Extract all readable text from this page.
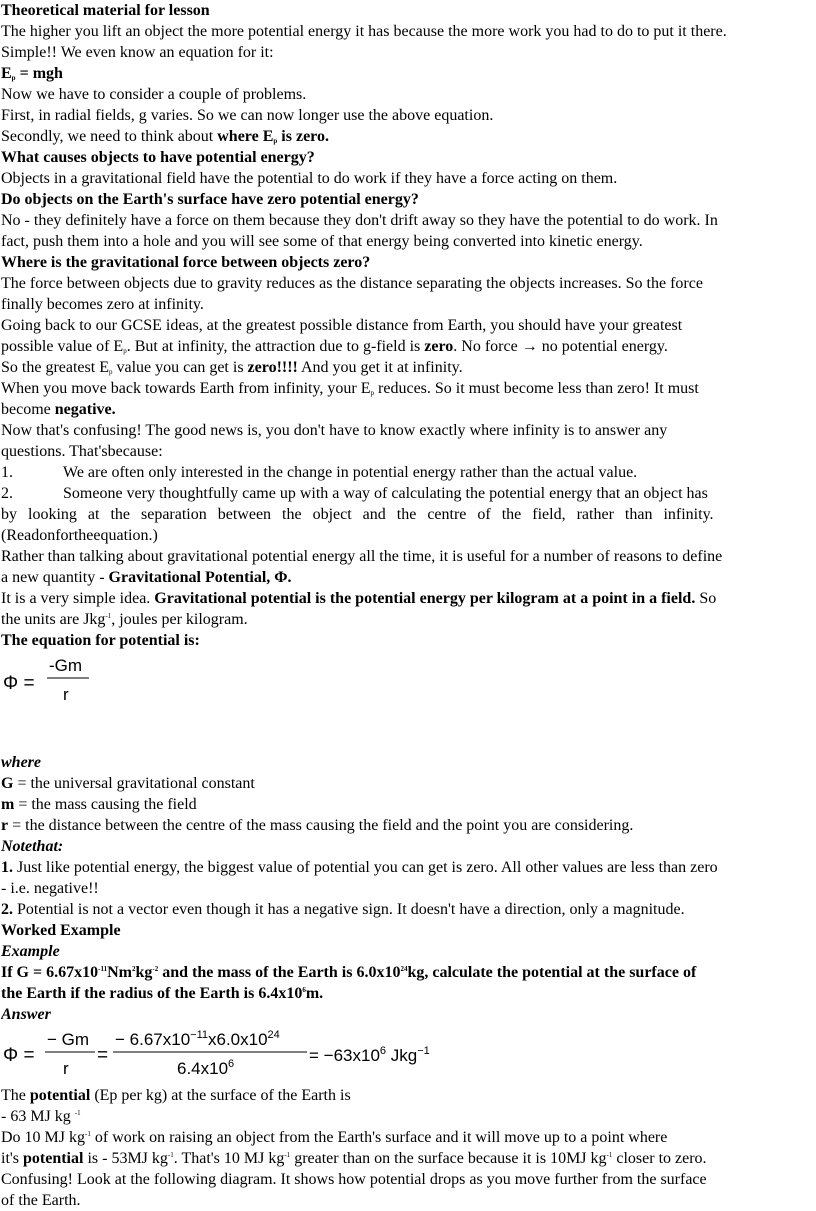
Theoretical material for lesson
The higher you lift an object the more potential energy it has because the more work you had to do to put it there.
Simple!! We even know an equation for it:
$E_p$ = mgh
Now we have to consider a couple of problems.
First, in radial fields, g varies. So we can now longer use the above equation.
Secondly, we need to think about where $E_p$ is zero.
What causes objects to have potential energy?
Objects in a gravitational field have the potential to do work if they have a force acting on them.
Do objects on the Earth's surface have zero potential energy?
No - they definitely have a force on them because they don't drift away so they have the potential to do work. In
fact, push them into a hole and you will see some of that energy being converted into kinetic energy.
Where is the gravitational force between objects zero?
The force between objects due to gravity reduces as the distance separating the objects increases. So the force
finally becomes zero at infinity.
Going back to our GCSE ideas, at the greatest possible distance from Earth, you should have your greatest
possible value of $E_p$. But at infinity, the attraction due to g-field is zero. No force → no potential energy.
So the greatest $E_p$ value you can get is zero!!!! And you get it at infinity.
When you move back towards Earth from infinity, your $E_p$ reduces. So it must become less than zero! It must
become negative.
Now that's confusing! The good news is, you don't have to know exactly where infinity is to answer any
questions. That'sbecause:
1.	We are often only interested in the change in potential energy rather than the actual value.
2.	Someone very thoughtfully came up with a way of calculating the potential energy that an object has
by looking at the separation between the object and the centre of the field, rather than infinity.
(Readonfortheequation.)
Rather than talking about gravitational potential energy all the time, it is useful for a number of reasons to define
a new quantity - Gravitational Potential, Φ.
It is a very simple idea. Gravitational potential is the potential energy per kilogram at a point in a field. So
the units are Jkg$^{-1}$, joules per kilogram.
The equation for potential is:
Φ =
-Gm
r
where
G = the universal gravitational constant
m = the mass causing the field
r = the distance between the centre of the mass causing the field and the point you are considering.
Notethat:
1. Just like potential energy, the biggest value of potential you can get is zero. All other values are less than zero
- i.e. negative!!
2. Potential is not a vector even though it has a negative sign. It doesn't have a direction, only a magnitude.
Worked Example
Example
If $G = 6.67x10^{-11}Nm^2kg^{-2}$ and the mass of the Earth is $6.0x10^{24}kg$, calculate the potential at the surface of
the Earth if the radius of the Earth is $6.4x10^6m$.
Answer
Φ =
− Gm
r
=
− $6.67x10^{-11}x6.0x10^{24}$
$6.4x10^6$	= $-63x10^6$ Jkg$^{-1}$
The potential (Ep per kg) at the surface of the Earth is
- 63 MJ kg $^{-1}$
Do 10 MJ $kg^{-1}$ of work on raising an object from the Earth's surface and it will move up to a point where
it's potential is - 53MJ $kg^{-1}$. That's 10 MJ $kg^{-1}$ greater than on the surface because it is 10MJ $kg^{-1}$ closer to zero.
Confusing! Look at the following diagram. It shows how potential drops as you move further from the surface
of the Earth.
